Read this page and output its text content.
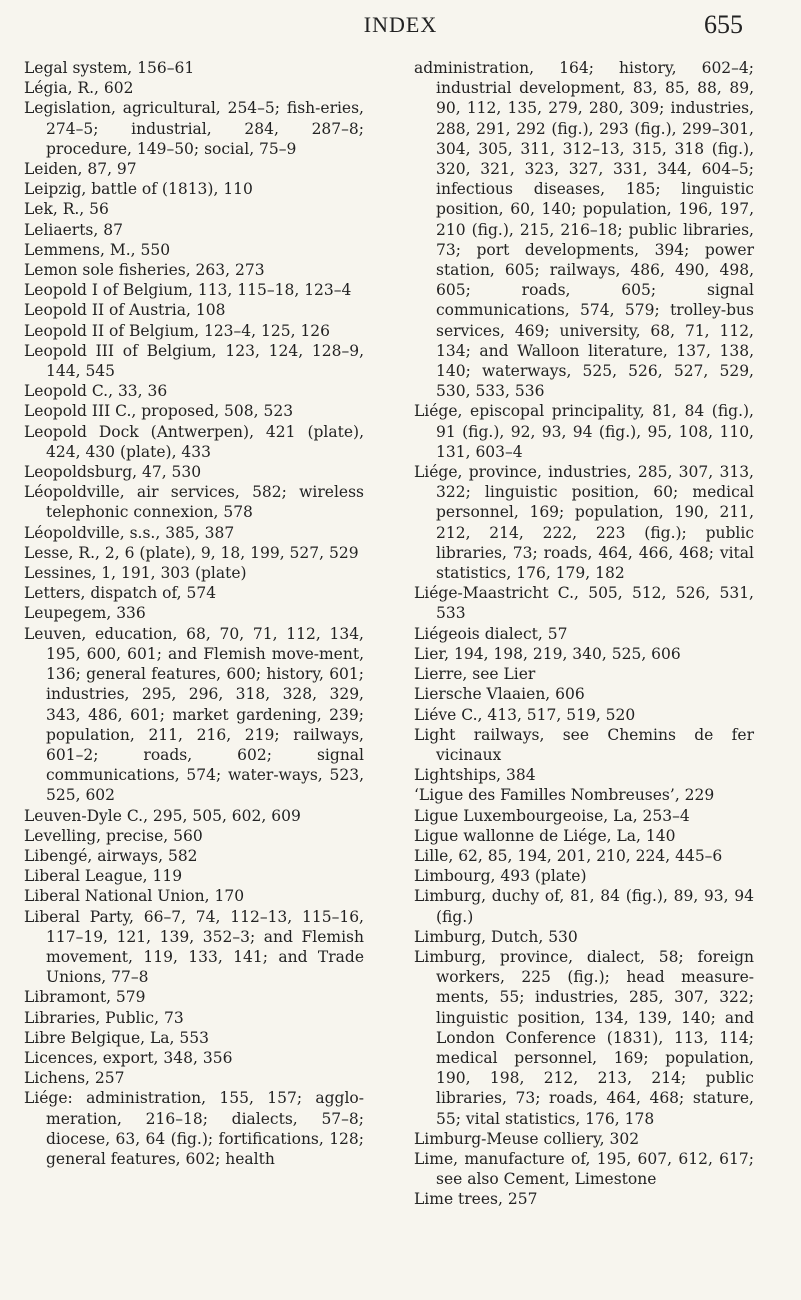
INDEX	655

Legal system, 156–61

Légia, R., 602

Legislation, agricultural, 254–5; fish-eries, 274–5; industrial, 284, 287–8; procedure, 149–50; social, 75–9

Leiden, 87, 97

Leipzig, battle of (1813), 110

Lek, R., 56

Leliaerts, 87

Lemmens, M., 550

Lemon sole fisheries, 263, 273

Leopold I of Belgium, 113, 115–18, 123–4

Leopold II of Austria, 108

Leopold II of Belgium, 123–4, 125, 126

Leopold III of Belgium, 123, 124, 128–9, 144, 545

Leopold C., 33, 36

Leopold III C., proposed, 508, 523

Leopold Dock (Antwerpen), 421 (plate), 424, 430 (plate), 433

Leopoldsburg, 47, 530

Léopoldville, air services, 582; wireless telephonic connexion, 578

Léopoldville, s.s., 385, 387

Lesse, R., 2, 6 (plate), 9, 18, 199, 527, 529

Lessines, 1, 191, 303 (plate)

Letters, dispatch of, 574

Leupegem, 336

Leuven, education, 68, 70, 71, 112, 134, 195, 600, 601; and Flemish move-ment, 136; general features, 600; history, 601; industries, 295, 296, 318, 328, 329, 343, 486, 601; market gardening, 239; population, 211, 216, 219; railways, 601–2; roads, 602; signal communications, 574; water-ways, 523, 525, 602

Leuven-Dyle C., 295, 505, 602, 609

Levelling, precise, 560

Libengé, airways, 582

Liberal League, 119

Liberal National Union, 170

Liberal Party, 66–7, 74, 112–13, 115–16, 117–19, 121, 139, 352–3; and Flemish movement, 119, 133, 141; and Trade Unions, 77–8

Libramont, 579

Libraries, Public, 73

Libre Belgique, La, 553

Licences, export, 348, 356

Lichens, 257

Liége: administration, 155, 157; agglo-meration, 216–18; dialects, 57–8; diocese, 63, 64 (fig.); fortifications, 128; general features, 602; health

administration, 164; history, 602–4; industrial development, 83, 85, 88, 89, 90, 112, 135, 279, 280, 309; industries, 288, 291, 292 (fig.), 293 (fig.), 299–301, 304, 305, 311, 312–13, 315, 318 (fig.), 320, 321, 323, 327, 331, 344, 604–5; infectious diseases, 185; linguistic position, 60, 140; population, 196, 197, 210 (fig.), 215, 216–18; public libraries, 73; port developments, 394; power station, 605; railways, 486, 490, 498, 605; roads, 605; signal communications, 574, 579; trolley-bus services, 469; university, 68, 71, 112, 134; and Walloon literature, 137, 138, 140; waterways, 525, 526, 527, 529, 530, 533, 536

Liége, episcopal principality, 81, 84 (fig.), 91 (fig.), 92, 93, 94 (fig.), 95, 108, 110, 131, 603–4

Liége, province, industries, 285, 307, 313, 322; linguistic position, 60; medical personnel, 169; population, 190, 211, 212, 214, 222, 223 (fig.); public libraries, 73; roads, 464, 466, 468; vital statistics, 176, 179, 182

Liége-Maastricht C., 505, 512, 526, 531, 533

Liégeois dialect, 57

Lier, 194, 198, 219, 340, 525, 606

Lierre, see Lier

Liersche Vlaaien, 606

Liéve C., 413, 517, 519, 520

Light railways, see Chemins de fer vicinaux

Lightships, 384

‘Ligue des Familles Nombreuses’, 229

Ligue Luxembourgeoise, La, 253–4

Ligue wallonne de Liége, La, 140

Lille, 62, 85, 194, 201, 210, 224, 445–6

Limbourg, 493 (plate)

Limburg, duchy of, 81, 84 (fig.), 89, 93, 94 (fig.)

Limburg, Dutch, 530

Limburg, province, dialect, 58; foreign workers, 225 (fig.); head measure-ments, 55; industries, 285, 307, 322; linguistic position, 134, 139, 140; and London Conference (1831), 113, 114; medical personnel, 169; population, 190, 198, 212, 213, 214; public libraries, 73; roads, 464, 468; stature, 55; vital statistics, 176, 178

Limburg-Meuse colliery, 302

Lime, manufacture of, 195, 607, 612, 617; see also Cement, Limestone

Lime trees, 257
